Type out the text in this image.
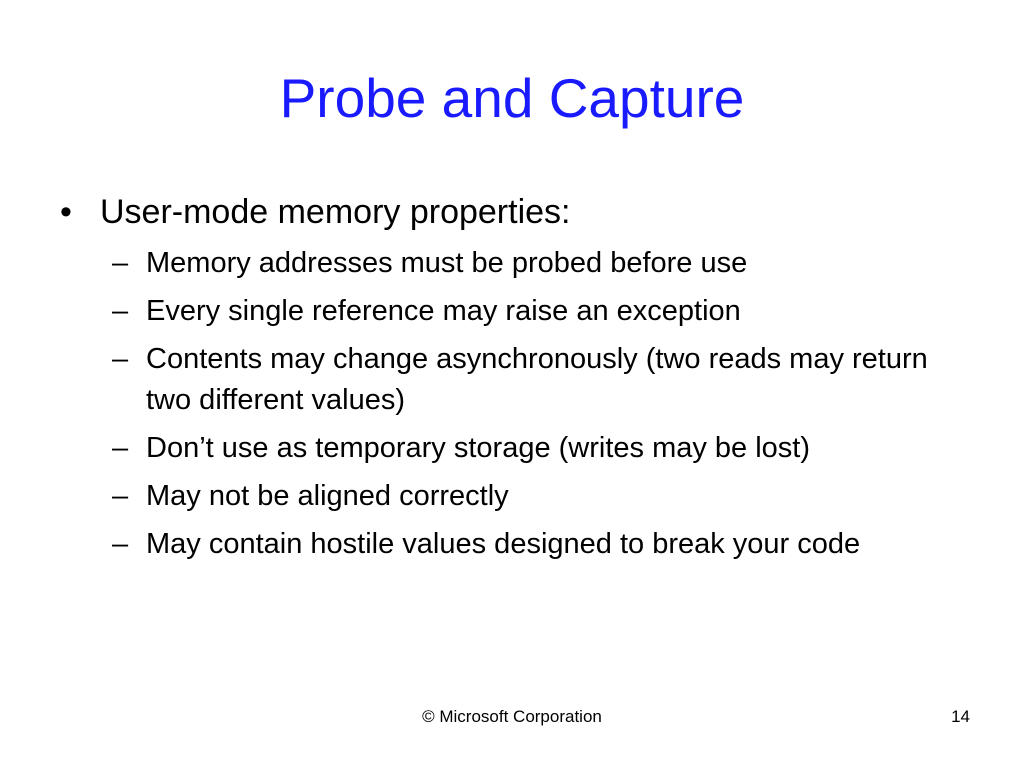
Probe and Capture
• User-mode memory properties:
– Memory addresses must be probed before use
– Every single reference may raise an exception
– Contents may change asynchronously (two reads may return two different values)
– Don’t use as temporary storage (writes may be lost)
– May not be aligned correctly
– May contain hostile values designed to break your code
© Microsoft Corporation	14
